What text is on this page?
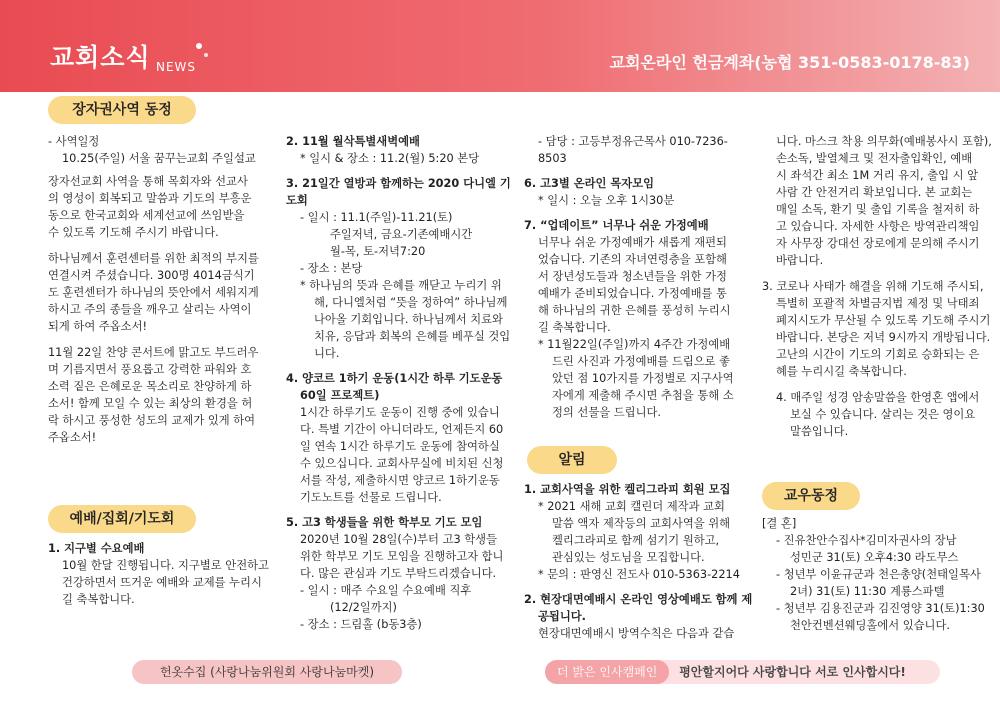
교회소식 NEWS	교회온라인 헌금계좌(농협 351-0583-0178-83)
장자권사역 동정
예배/집회/기도회
알림
교우동정

- 사역일정

10.25(주일) 서울 꿈꾸는교회 주일설교

장자선교회 사역을 통해 목회자와 선교사

의 영성이 회복되고 말씀과 기도의 부흥운

동으로 한국교회와 세계선교에 쓰임받을

수 있도록 기도해 주시기 바랍니다.

하나님께서 훈련센터를 위한 최적의 부지를

연결시켜 주셨습니다. 300명 4014금식기

도 훈련센터가 하나님의 뜻안에서 세워지게

하시고 주의 종들을 깨우고 살리는 사역이

되게 하여 주옵소서!

11월 22일 찬양 콘서트에 맑고도 부드러우

며 기름지면서 풍요롭고 강력한 파워와 호

소력 짙은 은혜로운 목소리로 찬양하게 하

소서! 함께 모일 수 있는 최상의 환경을 허

락 하시고 풍성한 성도의 교제가 있게 하여

주옵소서!

1. 지구별 수요예배

10월 한달 진행됩니다. 지구별로 안전하고

건강하면서 뜨거운 예배와 교제를 누리시

길 축복합니다.

2. 11월 월삭특별새벽예배

* 일시 & 장소 : 11.2(월) 5:20 본당

3. 21일간 열방과 함께하는 2020 다니엘 기도회

- 일시 : 11.1(주일)-11.21(토)

주일저녁, 금요-기존예배시간

월-목, 토-저녁7:20

- 장소 : 본당

* 하나님의 뜻과 은혜를 깨닫고 누리기 위

해, 다니엘처럼 “뜻을 정하여” 하나님께

나아올 기회입니다. 하나님께서 치료와

치유, 응답과 회복의 은혜를 베푸실 것입

니다.

4. 양코르 1하기 운동(1시간 하루 기도운동

60일 프로젝트)

1시간 하루기도 운동이 진행 중에 있습니

다. 특별 기간이 아니더라도, 언제든지 60

일 연속 1시간 하루기도 운동에 참여하실

수 있으십니다. 교회사무실에 비치된 신청

서를 작성, 제출하시면 양코르 1하기운동

기도노트를 선물로 드립니다.

5. 고3 학생들을 위한 학부모 기도 모임

2020년 10월 28일(수)부터 고3 학생들

위한 학부모 기도 모임을 진행하고자 합니

다. 많은 관심과 기도 부탁드리겠습니다.

- 일시 : 매주 수요일 수요예배 직후

(12/2일까지)

- 장소 : 드림홀 (b동3층)

- 담당 : 고등부정유근목사 010-7236-8503

6. 고3별 온라인 목자모임

* 일시 : 오늘 오후 1시30분

7. “업데이트” 너무나 쉬운 가정예배

너무나 쉬운 가정예배가 새롭게 재편되

었습니다. 기존의 자녀연령층을 포함해

서 장년성도들과 청소년들을 위한 가정

예배가 준비되었습니다. 가정예배를 통

해 하나님의 귀한 은혜를 풍성히 누리시

길 축복합니다.

* 11월22일(주일)까지 4주간 가정예배

드린 사진과 가정예배를 드림으로 좋

았던 점 10가지를 가정별로 지구사역

자에게 제출해 주시면 추첨을 통해 소

정의 선물을 드립니다.

1. 교회사역을 위한 켈리그라피 회원 모집

* 2021 새해 교회 캘린더 제작과 교회

말씀 액자 제작등의 교회사역을 위해

켈리그라피로 함께 섬기기 원하고,

관심있는 성도님을 모집합니다.

* 문의 : 판영신 전도사 010-5363-2214

2. 현장대면예배시 온라인 영상예배도 함께 제

공됩니다.

현장대면예배시 방역수칙은 다음과 같습

니다. 마스크 착용 의무화(예배봉사시 포함),

손소독, 발열체크 및 전자출입확인, 예배

시 좌석간 최소 1M 거리 유지, 출입 시 앞

사람 간 안전거리 확보입니다. 본 교회는

매일 소독, 환기 및 출입 기록을 철저히 하

고 있습니다. 자세한 사항은 방역관리책임

자 사무장 강대선 장로에게 문의해 주시기

바랍니다.

3. 코로나 사태가 해결을 위해 기도해 주시되,

특별히 포괄적 차별금지법 제정 및 낙태죄

폐지시도가 무산될 수 있도록 기도해 주시기

바랍니다. 본당은 저녁 9시까지 개방됩니다.

고난의 시간이 기도의 기회로 승화되는 은

혜를 누리시길 축복합니다.

4. 매주일 성경 암송말씀을 한영혼 앱에서

보실 수 있습니다. 살리는 것은 영이요

말씀입니다.

[결 혼]

- 진유찬안수집사*김미자권사의 장남

성민군 31(토) 오후4:30 라도무스

- 청년부 이윤규군과 천은총양(천태일목사

2녀) 31(토) 11:30 계룡스파텔

- 청년부 김용진군과 김진영양 31(토)1:30

천안컨벤션웨딩홀에서 있습니다.

헌옷수집 (사랑나눔위원회 사랑나눔마켓)	더 밝은 인사캠페인 평안할지어다 사랑합니다 서로 인사합시다!
